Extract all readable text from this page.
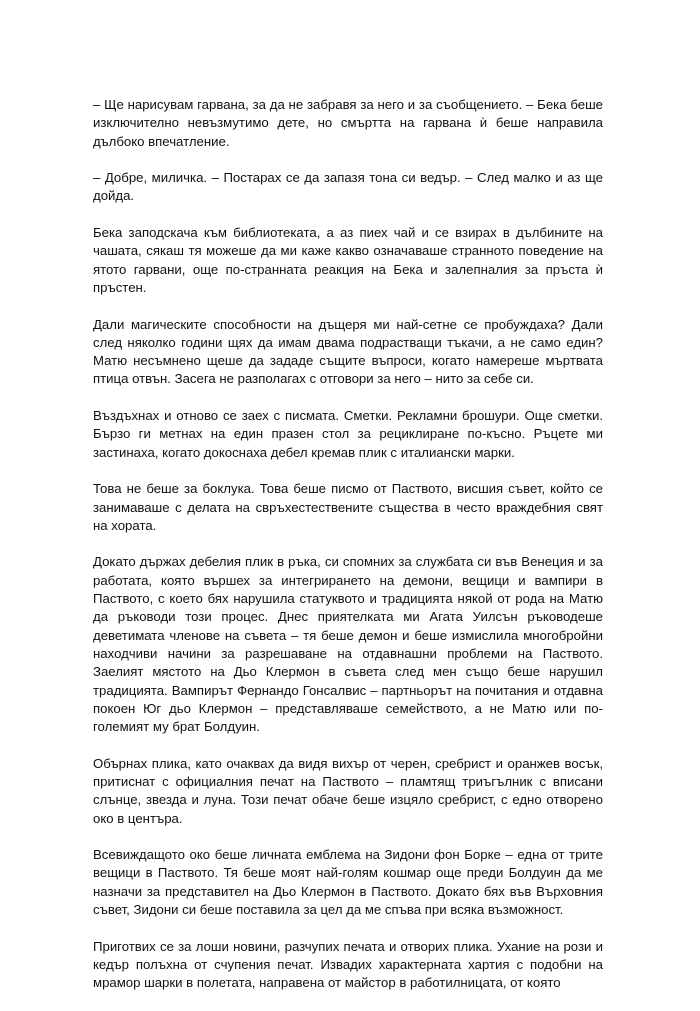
– Ще нарисувам гарвана, за да не забравя за него и за съобщението. – Бека беше изключително невъзмутимо дете, но смъртта на гарвана ѝ беше направила дълбоко впечатление.

– Добре, миличка. – Постарах се да запазя тона си ведър. – След малко и аз ще дойда.

Бека заподскача към библиотеката, а аз пиех чай и се взирах в дълбините на чашата, сякаш тя можеше да ми каже какво означаваше странното поведение на ятото гарвани, още по-странната реакция на Бека и залепналия за пръста ѝ пръстен.

Дали магическите способности на дъщеря ми най-сетне се пробуждаха? Дали след няколко години щях да имам двама подрастващи тъкачи, а не само един? Матю несъмнено щеше да зададе същите въпроси, когато намереше мъртвата птица отвън. Засега не разполагах с отговори за него – нито за себе си.

Въздъхнах и отново се заех с писмата. Сметки. Рекламни брошури. Още сметки. Бързо ги метнах на един празен стол за рециклиране по-късно. Ръцете ми застинаха, когато докоснаха дебел кремав плик с италиански марки.

Това не беше за боклука. Това беше писмо от Паството, висшия съвет, който се занимаваше с делата на свръхестествените същества в често враждебния свят на хората.

Докато държах дебелия плик в ръка, си спомних за службата си във Венеция и за работата, която вършех за интегрирането на демони, вещици и вампири в Паството, с което бях нарушила статуквото и традицията някой от рода на Матю да ръководи този процес. Днес приятелката ми Агата Уилсън ръководеше деветимата членове на съвета – тя беше демон и беше измислила многобройни находчиви начини за разрешаване на отдавнашни проблеми на Паството. Заелият мястото на Дьо Клермон в съвета след мен също беше нарушил традицията. Вампирът Фернандо Гонсалвис – партньорът на почитания и отдавна покоен Юг дьо Клермон – представляваше семейството, а не Матю или по-големият му брат Болдуин.

Обърнах плика, като очаквах да видя вихър от черен, сребрист и оранжев восък, притиснат с официалния печат на Паството – пламтящ триъгълник с вписани слънце, звезда и луна. Този печат обаче беше изцяло сребрист, с едно отворено око в центъра.

Всевиждащото око беше личната емблема на Зидони фон Борке – една от трите вещици в Паството. Тя беше моят най-голям кошмар още преди Болдуин да ме назначи за представител на Дьо Клермон в Паството. Докато бях във Върховния съвет, Зидони си беше поставила за цел да ме спъва при всяка възможност.

Приготвих се за лоши новини, разчупих печата и отворих плика. Ухание на рози и кедър полъхна от счупения печат. Извадих характерната хартия с подобни на мрамор шарки в полетата, направена от майстор в работилницата, от която
